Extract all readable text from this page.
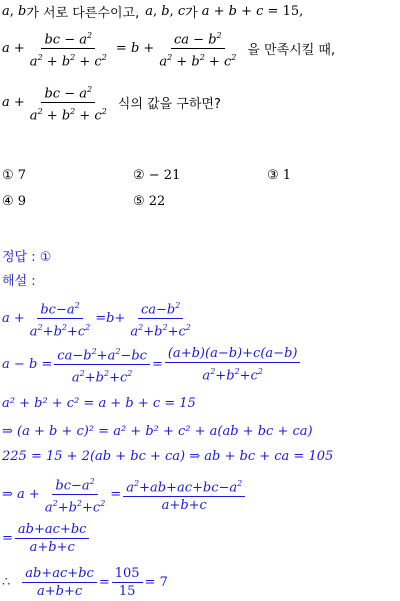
a , b 가 서로 다른수이고, a , b , c 가 a + b + c = 15,
$a + \frac{bc - a^2}{a^2 + b^2 + c^2} = b + \frac{ca - b^2}{a^2 + b^2 + c^2}$ 을 만족시킬 때,
$a + \frac{bc - a^2}{a^2 + b^2 + c^2}$ 식의 값을 구하면?
① 7	② − 21	③ 1
④ 9	⑤ 22
정답 : ①
해설 :
$a + \frac{bc-a^2}{a^2+b^2+c^2} = b + \frac{ca-b^2}{a^2+b^2+c^2}$
$a - b = \frac{ca-b^2+a^2-bc}{a^2+b^2+c^2} = \frac{(a+b)(a-b)+c(a-b)}{a^2+b^2+c^2}$
a² + b² + c² = a + b + c = 15
⇒ (a + b + c)² = a² + b² + c² + a(ab + bc + ca)
225 = 15 + 2(ab + bc + ca) ⇒ ab + bc + ca = 105
⇒ $a + \frac{bc-a^2}{a^2+b^2+c^2} = \frac{a^2+ab+ac+bc-a^2}{a+b+c}$
= $\frac{ab+ac+bc}{a+b+c}$
∴ $\frac{ab+ac+bc}{a+b+c} = \frac{105}{15} = 7$
